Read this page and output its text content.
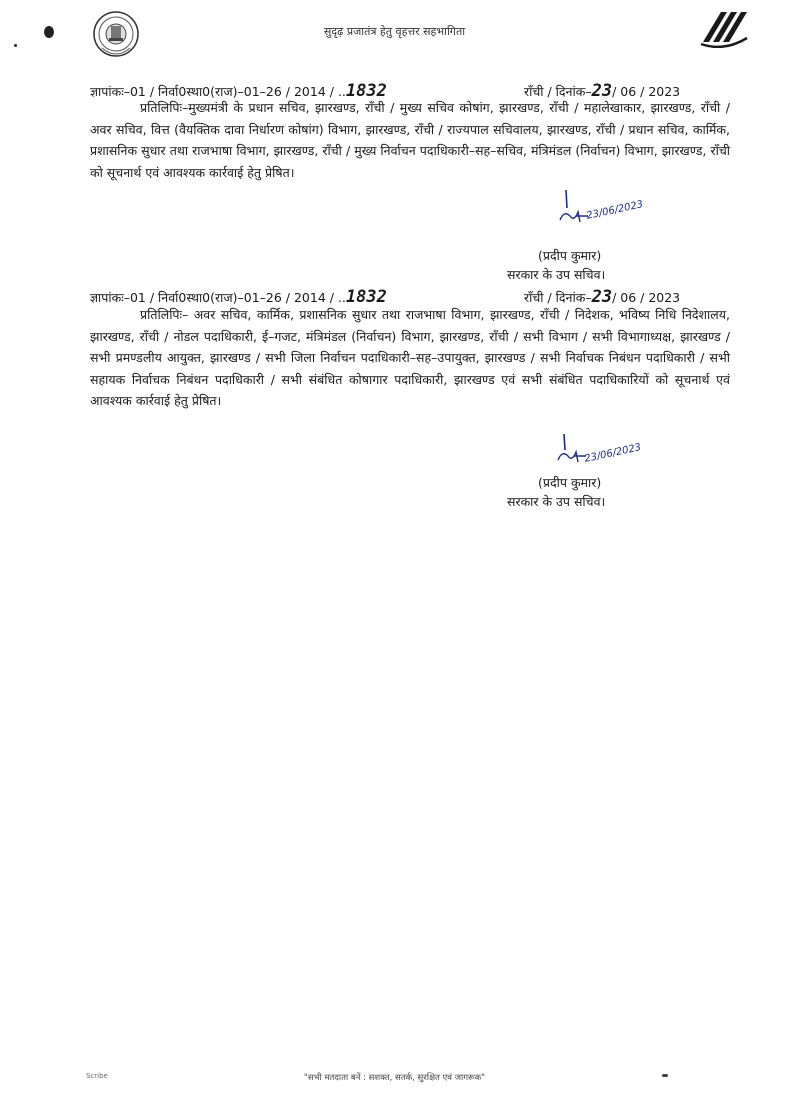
सुदृढ़ प्रजातंत्र हेतु वृहत्तर सहभागिता
ज्ञापांकः–01 / निर्वा0स्था0(राज)–01–26 / 2014 / ..1832	राँची / दिनांक–23/ 06 / 2023
प्रतिलिपिः–मुख्यमंत्री के प्रधान सचिव, झारखण्ड, राँची / मुख्य सचिव कोषांग, झारखण्ड, राँची / महालेखाकार, झारखण्ड, राँची / अवर सचिव, वित्त (वैयक्तिक दावा निर्धारण कोषांग) विभाग, झारखण्ड, राँची / राज्यपाल सचिवालय, झारखण्ड, राँची / प्रधान सचिव, कार्मिक, प्रशासनिक सुधार तथा राजभाषा विभाग, झारखण्ड, राँची / मुख्य निर्वाचन पदाधिकारी–सह–सचिव, मंत्रिमंडल (निर्वाचन) विभाग, झारखण्ड, राँची को सूचनार्थ एवं आवश्यक कार्रवाई हेतु प्रेषित।
23/06/2023
(प्रदीप कुमार)
सरकार के उप सचिव।
ज्ञापांकः–01 / निर्वा0स्था0(राज)–01–26 / 2014 / ..1832	राँची / दिनांक–23/ 06 / 2023
प्रतिलिपिः– अवर सचिव, कार्मिक, प्रशासनिक सुधार तथा राजभाषा विभाग, झारखण्ड, राँची / निदेशक, भविष्य निधि निदेशालय, झारखण्ड, राँची / नोडल पदाधिकारी, ई–गजट, मंत्रिमंडल (निर्वाचन) विभाग, झारखण्ड, राँची / सभी विभाग / सभी विभागाध्यक्ष, झारखण्ड / सभी प्रमण्डलीय आयुक्त, झारखण्ड / सभी जिला निर्वाचन पदाधिकारी–सह–उपायुक्त, झारखण्ड / सभी निर्वाचक निबंधन पदाधिकारी / सभी सहायक निर्वाचक निबंधन पदाधिकारी / सभी संबंधित कोषागार पदाधिकारी, झारखण्ड एवं सभी संबंधित पदाधिकारियों को सूचनार्थ एवं आवश्यक कार्रवाई हेतु प्रेषित।
23/06/2023
(प्रदीप कुमार)
सरकार के उप सचिव।
Scribe	"सभी मतदाता बनें : सशक्त, सतर्क, सुरक्षित एवं जागरूक"
